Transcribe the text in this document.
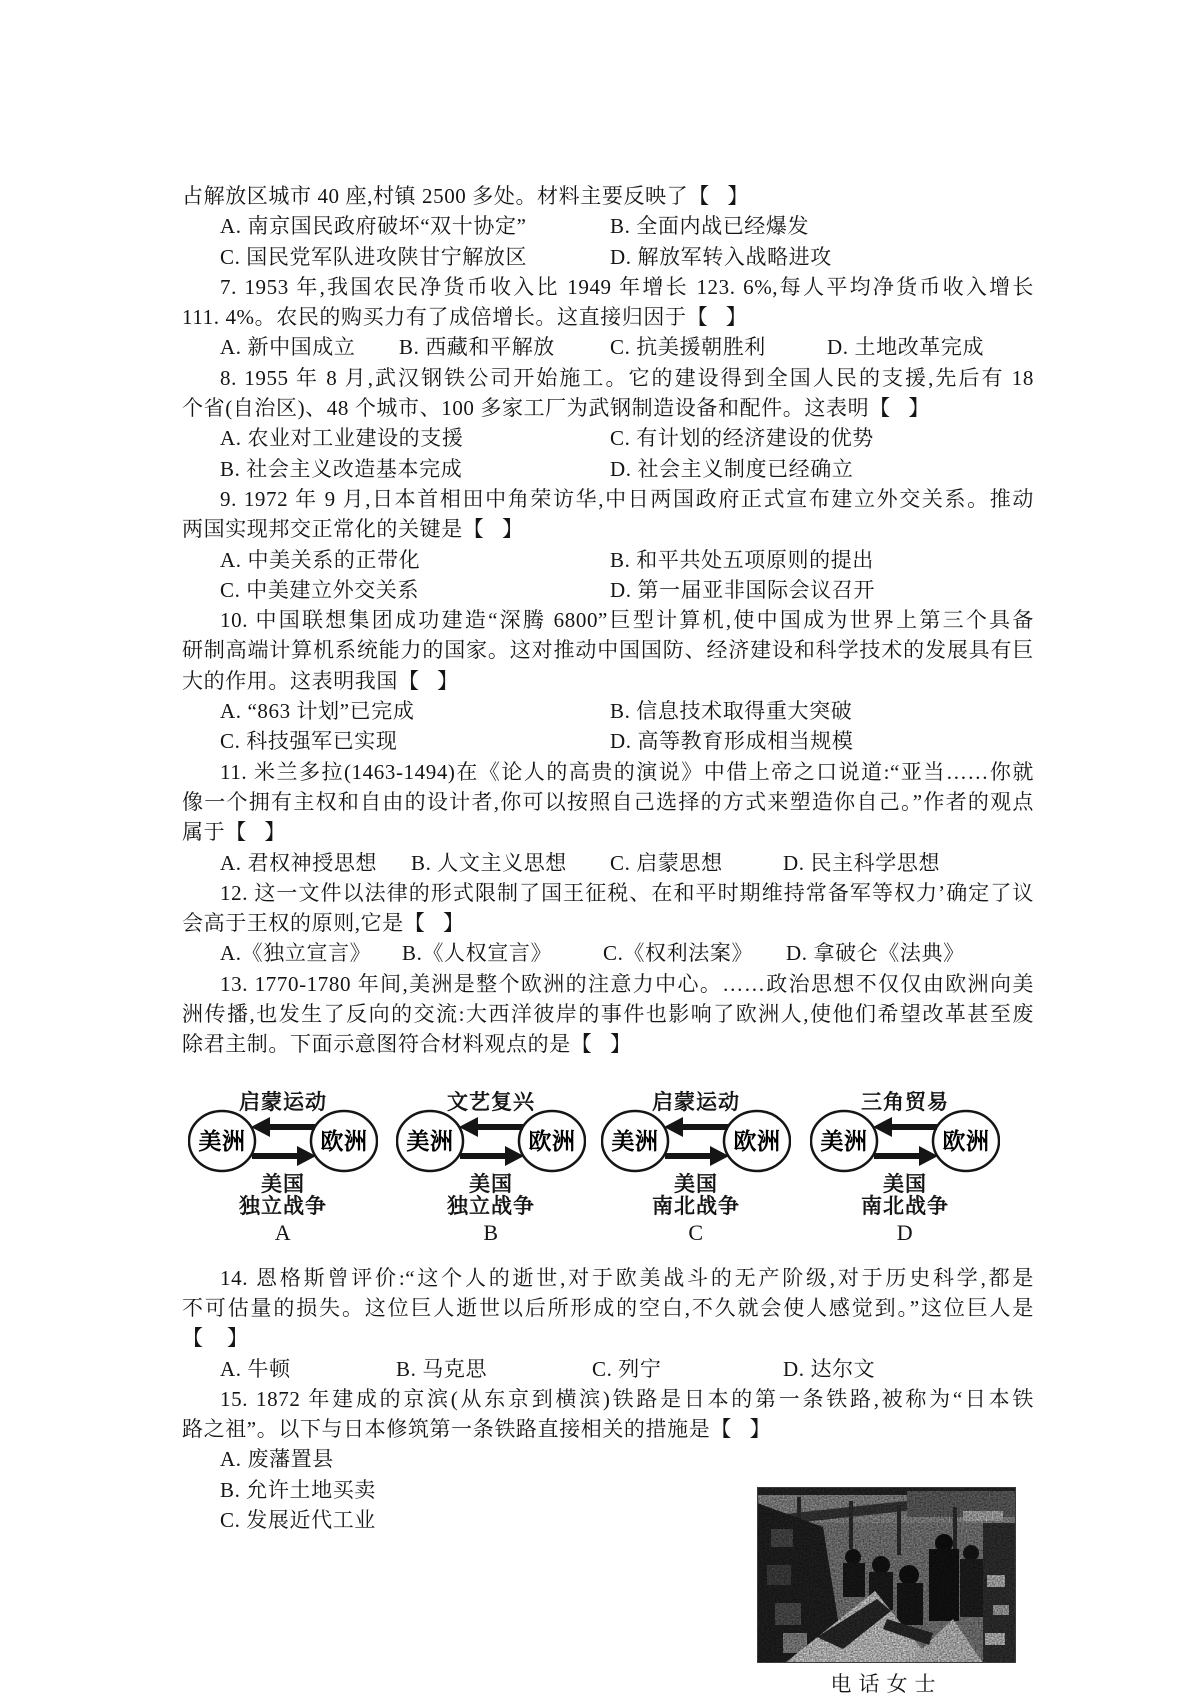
占解放区城市 40 座,村镇 2500 多处。材料主要反映了【   】

A. 南京国民政府破坏“双十协定”

	B. 全面内战已经爆发

C. 国民党军队进攻陕甘宁解放区

	D. 解放军转入战略进攻

7. 1953 年,我国农民净货币收入比 1949 年增长 123. 6%,每人平均净货币收入增长
111. 4%。农民的购买力有了成倍增长。这直接归因于【   】

A. 新中国成立

B. 西藏和平解放

	C. 抗美援朝胜利

	D. 土地改革完成

8. 1955 年 8 月,武汉钢铁公司开始施工。它的建设得到全国人民的支援,先后有 18
个省(自治区)、48 个城市、100 多家工厂为武钢制造设备和配件。这表明【   】

A. 农业对工业建设的支援

	C. 有计划的经济建设的优势

B. 社会主义改造基本完成

	D. 社会主义制度已经确立

9. 1972 年 9 月,日本首相田中角荣访华,中日两国政府正式宣布建立外交关系。推动
两国实现邦交正常化的关键是【   】

A. 中美关系的正带化

	B. 和平共处五项原则的提出

C. 中美建立外交关系

	D. 第一届亚非国际会议召开

10. 中国联想集团成功建造“深腾 6800”巨型计算机,使中国成为世界上第三个具备
研制高端计算机系统能力的国家。这对推动中国国防、经济建设和科学技术的发展具有巨
大的作用。这表明我国【   】

A. “863 计划”已完成

	B. 信息技术取得重大突破

C. 科技强军已实现

	D. 高等教育形成相当规模

11. 米兰多拉(1463-1494)在《论人的高贵的演说》中借上帝之口说道:“亚当……你就
像一个拥有主权和自由的设计者,你可以按照自己选择的方式来塑造你自己。”作者的观点
属于【   】

A. 君权神授思想

B. 人文主义思想

C. 启蒙思想

	D. 民主科学思想

12. 这一文件以法律的形式限制了国王征税、在和平时期维持常备军等权力’确定了议
会高于王权的原则,它是【   】

A.《独立宣言》

B.《人权宣言》

C.《权利法案》

D. 拿破仑《法典》

13. 1770-1780 年间,美洲是整个欧洲的注意力中心。……政治思想不仅仅由欧洲向美
洲传播,也发生了反向的交流:大西洋彼岸的事件也影响了欧洲人,使他们希望改革甚至废
除君主制。下面示意图符合材料观点的是【   】
启蒙运动
美洲	欧洲
美国
独立战争
A
文艺复兴
美洲	欧洲
美国
独立战争
B
启蒙运动
美洲	欧洲
美国
南北战争
C
三角贸易
美洲	欧洲
美国
南北战争
D
14. 恩格斯曾评价:“这个人的逝世,对于欧美战斗的无产阶级,对于历史科学,都是
不可估量的损失。这位巨人逝世以后所形成的空白,不久就会使人感觉到。”这位巨人是
【    】

A. 牛顿

	B. 马克思

	C. 列宁

	D. 达尔文

15. 1872 年建成的京滨(从东京到横滨)铁路是日本的第一条铁路,被称为“日本铁
路之祖”。以下与日本修筑第一条铁路直接相关的措施是【   】
A. 废藩置县
B. 允许土地买卖
C. 发展近代工业
电话女士
